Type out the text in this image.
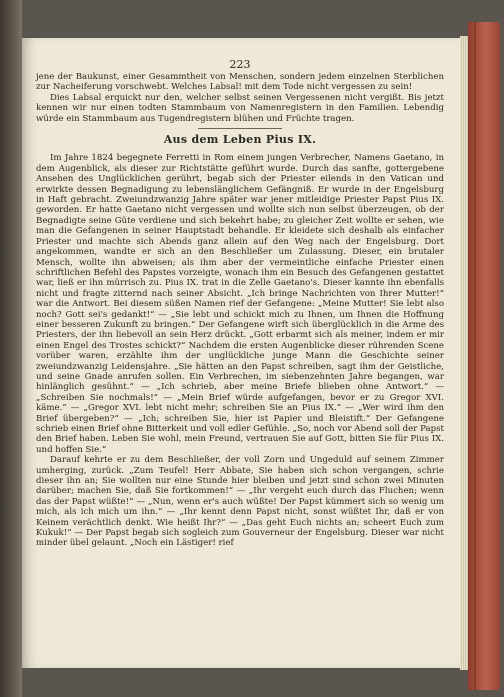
223

jene der Baukunst, einer Gesammtheit von Menschen, sondern jedem einzelnen Sterblichen zur Nacheiferung vorschwebt. Welches Labsal! mit dem Tode nicht vergessen zu sein!

Dies Labsal erquickt nur den, welcher selbst seinen Vergessenen nicht vergißt. Bis jetzt kennen wir nur einen todten Stammbaum von Namenregistern in den Familien. Lebendig würde ein Stammbaum aus Tugendregistern blühen und Früchte tragen.

Aus dem Leben Pius IX.

Im Jahre 1824 begegnete Ferretti in Rom einem jungen Verbrecher, Namens Gaetano, in dem Augenblick, als dieser zur Richtstätte geführt wurde. Durch das sanfte, gottergebene Ansehen des Unglücklichen gerührt, begab sich der Priester eilends in den Vatican und erwirkte dessen Begnadigung zu lebenslänglichem Gefängniß. Er wurde in der Engelsburg in Haft gebracht. Zweiundzwanzig Jahre später war jener mitleidige Priester Papst Pius IX. geworden. Er hatte Gaetano nicht vergessen und wollte sich nun selbst überzeugen, ob der Begnadigte seine Güte verdiene und sich bekehrt habe; zu gleicher Zeit wollte er sehen, wie man die Gefangenen in seiner Hauptstadt behandle. Er kleidete sich deshalb als einfacher Priester und machte sich Abends ganz allein auf den Weg nach der Engelsburg. Dort angekommen, wandte er sich an den Beschließer um Zulassung. Dieser, ein brutaler Mensch, wollte ihn abweisen; als ihm aber der vermeintliche einfache Priester einen schriftlichen Befehl des Papstes vorzeigte, wonach ihm ein Besuch des Gefangenen gestattet war, ließ er ihn mürrisch zu. Pius IX. trat in die Zelle Gaetano's. Dieser kannte ihn ebenfalls nicht und fragte zitternd nach seiner Absicht. „Ich bringe Nachrichten von Ihrer Mutter!“ war die Antwort. Bei diesem süßen Namen rief der Gefangene: „Meine Mutter! Sie lebt also noch? Gott sei's gedankt!“ — „Sie lebt und schickt mich zu Ihnen, um Ihnen die Hoffnung einer besseren Zukunft zu bringen.“ Der Gefangene wirft sich überglücklich in die Arme des Priesters, der ihn liebevoll an sein Herz drückt. „Gott erbarmt sich als meiner, indem er mir einen Engel des Trostes schickt?“ Nachdem die ersten Augenblicke dieser rührenden Scene vorüber waren, erzählte ihm der unglückliche junge Mann die Geschichte seiner zweiundzwanzig Leidensjahre. „Sie hätten an den Papst schreiben, sagt ihm der Geistliche, und seine Gnade anrufen sollen. Ein Verbrechen, im siebenzehnten Jahre begangen, war hinlänglich gesühnt.“ — „Ich schrieb, aber meine Briefe blieben ohne Antwort.“ — „Schreiben Sie nochmals!“ — „Mein Brief würde aufgefangen, bevor er zu Gregor XVI. käme.“ — „Gregor XVI. lebt nicht mehr; schreiben Sie an Pius IX.“ — „Wer wird ihm den Brief übergeben?“ — „Ich; schreiben Sie, hier ist Papier und Bleistift.“ Der Gefangene schrieb einen Brief ohne Bitterkeit und voll edler Gefühle. „So, noch vor Abend soll der Papst den Brief haben. Leben Sie wohl, mein Freund, vertrauen Sie auf Gott, bitten Sie für Pius IX. und hoffen Sie.“

Darauf kehrte er zu dem Beschließer, der voll Zorn und Ungeduld auf seinem Zimmer umherging, zurück. „Zum Teufel! Herr Abbate, Sie haben sich schon vergangen, schrie dieser ihn an; Sie wollten nur eine Stunde hier bleiben und jetzt sind schon zwei Minuten darüber; machen Sie, daß Sie fortkommen!“ — „Ihr vergeht euch durch das Fluchen; wenn das der Papst wüßte!“ — „Nun, wenn er's auch wüßte! Der Papst kümmert sich so wenig um mich, als ich mich um ihn.“ — „Ihr kennt denn Papst nicht, sonst wüßtet Ihr, daß er von Keinem verächtlich denkt. Wie heißt Ihr?“ — „Das geht Euch nichts an; scheert Euch zum Kukuk!“ — Der Papst begab sich sogleich zum Gouverneur der Engelsburg. Dieser war nicht minder übel gelaunt. „Noch ein Lästiger! rief
